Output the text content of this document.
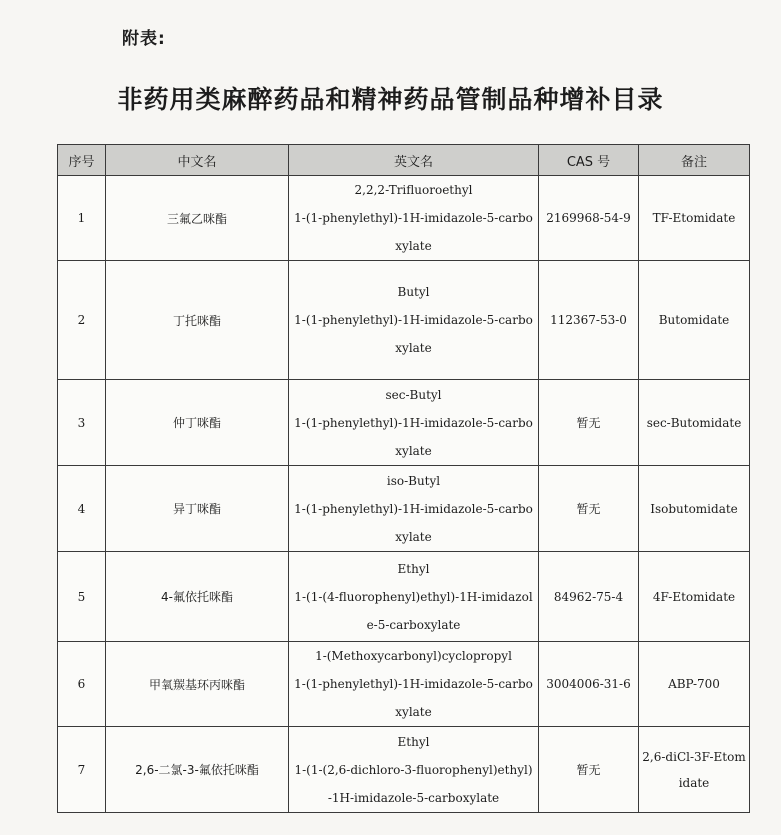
附表:
非药用类麻醉药品和精神药品管制品种增补目录
序号	中文名	英文名	CAS 号	备注
1	三氟乙咪酯	2,2,2-Trifluoroethyl
1-(1-phenylethyl)-1H-imidazole-5-carbo
xylate	2169968-54-9	TF-Etomidate
2	丁托咪酯	Butyl
1-(1-phenylethyl)-1H-imidazole-5-carbo
xylate	112367-53-0	Butomidate
3	仲丁咪酯	sec-Butyl
1-(1-phenylethyl)-1H-imidazole-5-carbo
xylate	暂无	sec-Butomidate
4	异丁咪酯	iso-Butyl
1-(1-phenylethyl)-1H-imidazole-5-carbo
xylate	暂无	Isobutomidate
5	4-氟依托咪酯	Ethyl
1-(1-(4-fluorophenyl)ethyl)-1H-imidazol
e-5-carboxylate	84962-75-4	4F-Etomidate
6	甲氧羰基环丙咪酯	1-(Methoxycarbonyl)cyclopropyl
1-(1-phenylethyl)-1H-imidazole-5-carbo
xylate	3004006-31-6	ABP-700
7	2,6-二氯-3-氟依托咪酯	Ethyl
1-(1-(2,6-dichloro-3-fluorophenyl)ethyl)
-1H-imidazole-5-carboxylate	暂无	2,6-diCl-3F-Etom idate
